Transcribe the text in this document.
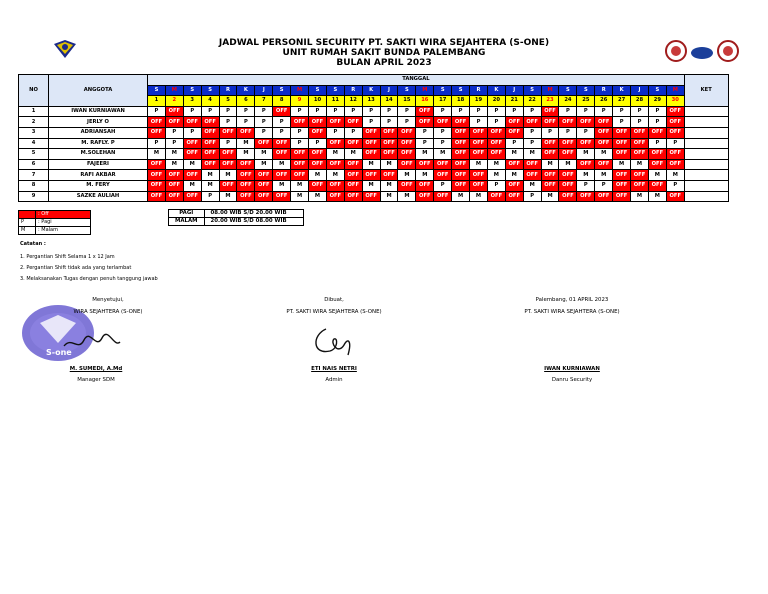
JADWAL PERSONIL SECURITY PT. SAKTI WIRA SEJAHTERA (S-ONE)
UNIT RUMAH SAKIT BUNDA PALEMBANG
BULAN APRIL 2023
NO	ANGGOTA	TANGGAL																														KET
		S	M	S	S	R	K	J	S	M	S	S	R	K	J	S	M	S	S	R	K	J	S	M	S	S	R	K	J	S	M	
		1	2	3	4	5	6	7	8	9	10	11	12	13	14	15	16	17	18	19	20	21	22	23	24	25	26	27	28	29	30	
1	IWAN KURNIAWAN	P	OFF	P	P	P	P	P	OFF	P	P	P	P	P	P	P	OFF	P	P	P	P	P	P	OFF	P	P	P	P	P	P	OFF	
2	JERLY O	OFF	OFF	OFF	OFF	P	P	P	P	OFF	OFF	OFF	OFF	P	P	P	OFF	OFF	OFF	P	P	OFF	OFF	OFF	OFF	OFF	OFF	P	P	P	OFF	
3	ADRIANSAH	OFF	P	P	OFF	OFF	OFF	P	P	P	OFF	P	P	OFF	OFF	OFF	P	P	OFF	OFF	OFF	OFF	P	P	P	P	OFF	OFF	OFF	OFF	OFF	
4	M. RAFLY. P	P	P	OFF	OFF	P	M	OFF	OFF	P	P	OFF	OFF	OFF	OFF	OFF	P	P	OFF	OFF	OFF	P	P	OFF	OFF	OFF	OFF	OFF	OFF	P	P	
5	M.SOLEHAN	M	M	OFF	OFF	OFF	M	M	OFF	OFF	OFF	M	M	OFF	OFF	OFF	M	M	OFF	OFF	OFF	M	M	OFF	OFF	M	M	OFF	OFF	OFF	OFF	
6	FAJEERI	OFF	M	M	OFF	OFF	OFF	M	M	OFF	OFF	OFF	OFF	M	M	OFF	OFF	OFF	OFF	M	M	OFF	OFF	M	M	OFF	OFF	M	M	OFF	OFF	
7	RAFI AKBAR	OFF	OFF	OFF	M	M	OFF	OFF	OFF	OFF	M	M	OFF	OFF	OFF	M	M	OFF	OFF	OFF	M	M	OFF	OFF	OFF	M	M	OFF	OFF	M	M	
8	M. FERY	OFF	OFF	M	M	OFF	OFF	OFF	M	M	OFF	OFF	OFF	M	M	OFF	OFF	P	OFF	OFF	P	OFF	M	OFF	OFF	P	P	OFF	OFF	OFF	P	
9	SAZKE AULIAH	OFF	OFF	OFF	P	M	OFF	OFF	OFF	M	M	OFF	OFF	OFF	M	M	OFF	OFF	M	M	OFF	OFF	P	M	OFF	OFF	OFF	OFF	M	M	OFF	
	: Off
P	: Pagi
M	: Malam
PAGI	08.00 WIB S/D 20.00 WIB
MALAM	20.00 WIB S/D 08.00 WIB
Catatan :
1. Pergantian Shift Selama 1 x 12 Jam
2. Pergantian Shift tidak ada yang terlambat
3. Melaksanakan Tugas dengan penuh tanggung jawab
S-one
Menyetujui,
WIRA SEJAHTERA (S-ONE)
M. SUMEDI, A.Md
Manager SDM
Dibuat,
PT. SAKTI WIRA SEJAHTERA (S-ONE)
ETI NAIS NETRI
Admin
Palembang, 01 APRIL 2023
PT. SAKTI WIRA SEJAHTERA (S-ONE)
IWAN KURNIAWAN
Danru Security
